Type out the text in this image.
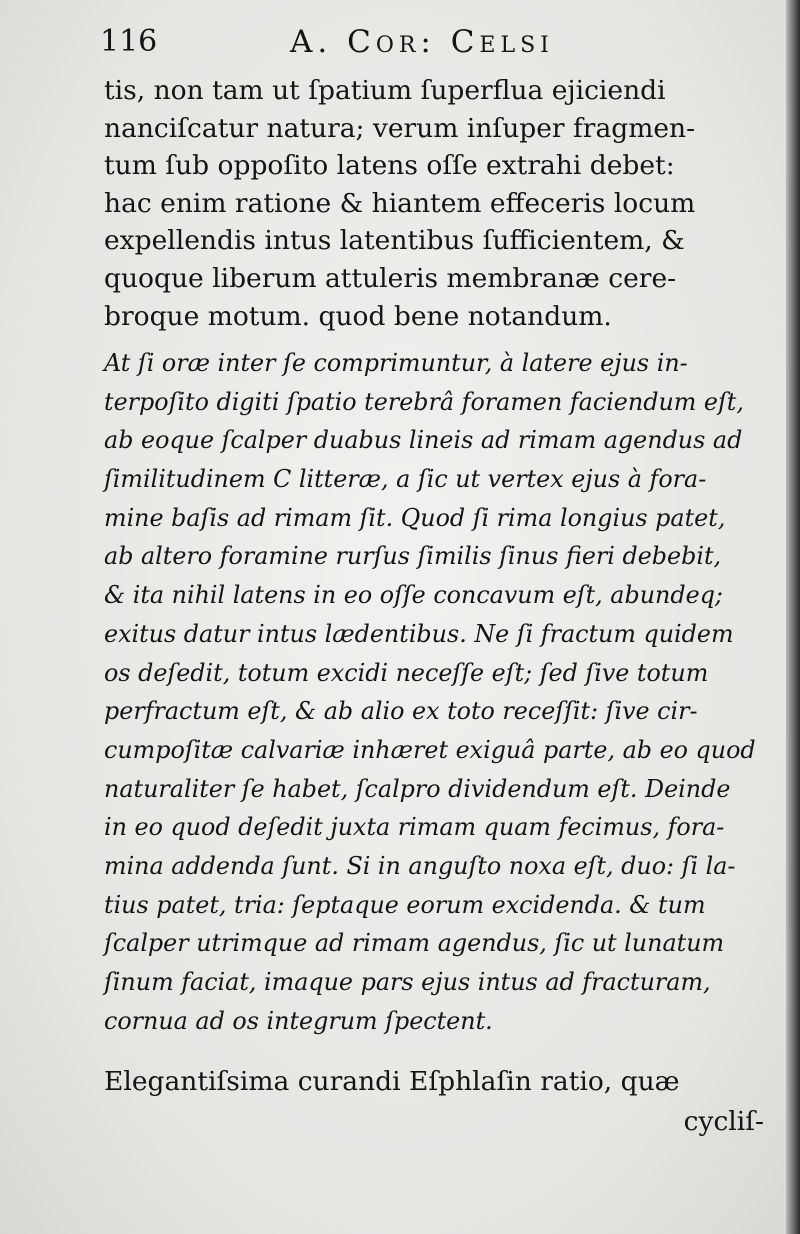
116	A. Cor: Celsi
tis, non tam ut ſpatium ſuperflua ejiciendi
nanciſcatur natura; verum inſuper fragmen-
tum ſub oppoſito latens oſſe extrahi debet:
hac enim ratione & hiantem effeceris locum
expellendis intus latentibus ſufficientem, &
quoque liberum attuleris membranæ cere-
broque motum. quod bene notandum.
At ſi oræ inter ſe comprimuntur, à latere ejus in-
terpoſito digiti ſpatio terebrâ foramen faciendum eſt,
ab eoque ſcalper duabus lineis ad rimam agendus ad
ſimilitudinem C litteræ, a ſic ut vertex ejus à fora-
mine baſis ad rimam ſit. Quod ſi rima longius patet,
ab altero foramine rurſus ſimilis ſinus fieri debebit,
& ita nihil latens in eo oſſe concavum eſt, abundeq;
exitus datur intus lædentibus. Ne ſi fractum quidem
os deſedit, totum excidi neceſſe eſt; ſed ſive totum
perfractum eſt, & ab alio ex toto receſſit: ſive cir-
cumpoſitæ calvariæ inhæret exiguâ parte, ab eo quod
naturaliter ſe habet, ſcalpro dividendum eſt. Deinde
in eo quod deſedit juxta rimam quam fecimus, fora-
mina addenda ſunt. Si in anguſto noxa eſt, duo: ſi la-
tius patet, tria: ſeptaque eorum excidenda. & tum
ſcalper utrimque ad rimam agendus, ſic ut lunatum
ſinum faciat, imaque pars ejus intus ad fracturam,
cornua ad os integrum ſpectent.
Elegantiſsima curandi Eſphlaſin ratio, quæ
cycliſ-
